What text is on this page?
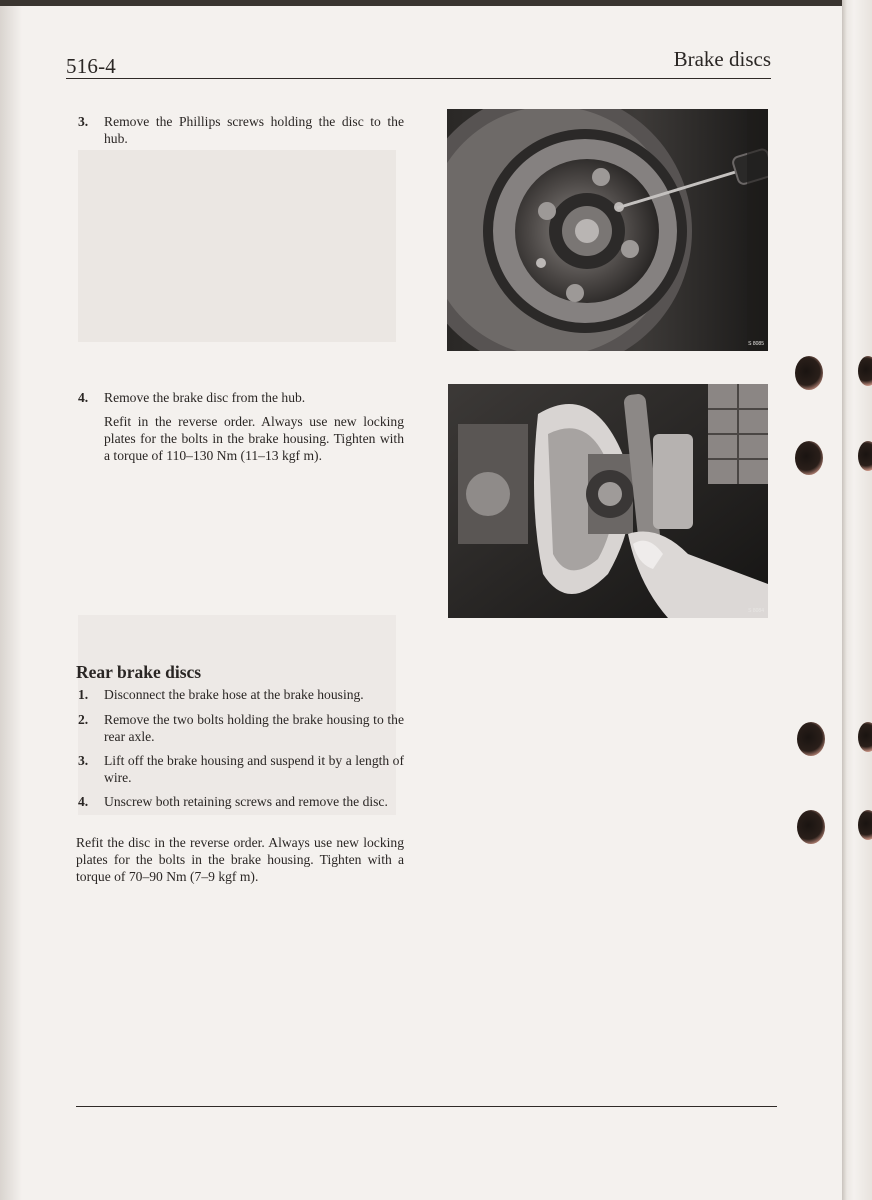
516-4	Brake discs
3. Remove the Phillips screws holding the disc to the hub.
4. Remove the brake disc from the hub.
Refit in the reverse order. Always use new locking plates for the bolts in the brake housing. Tighten with a torque of 110–130 Nm (11–13 kgf m).
Rear brake discs
1. Disconnect the brake hose at the brake housing.
2. Remove the two bolts holding the brake housing to the rear axle.
3. Lift off the brake housing and suspend it by a length of wire.
4. Unscrew both retaining screws and remove the disc.
Refit the disc in the reverse order. Always use new locking plates for the bolts in the brake housing. Tighten with a torque of 70–90 Nm (7–9 kgf m).
S 8085
S 8084
